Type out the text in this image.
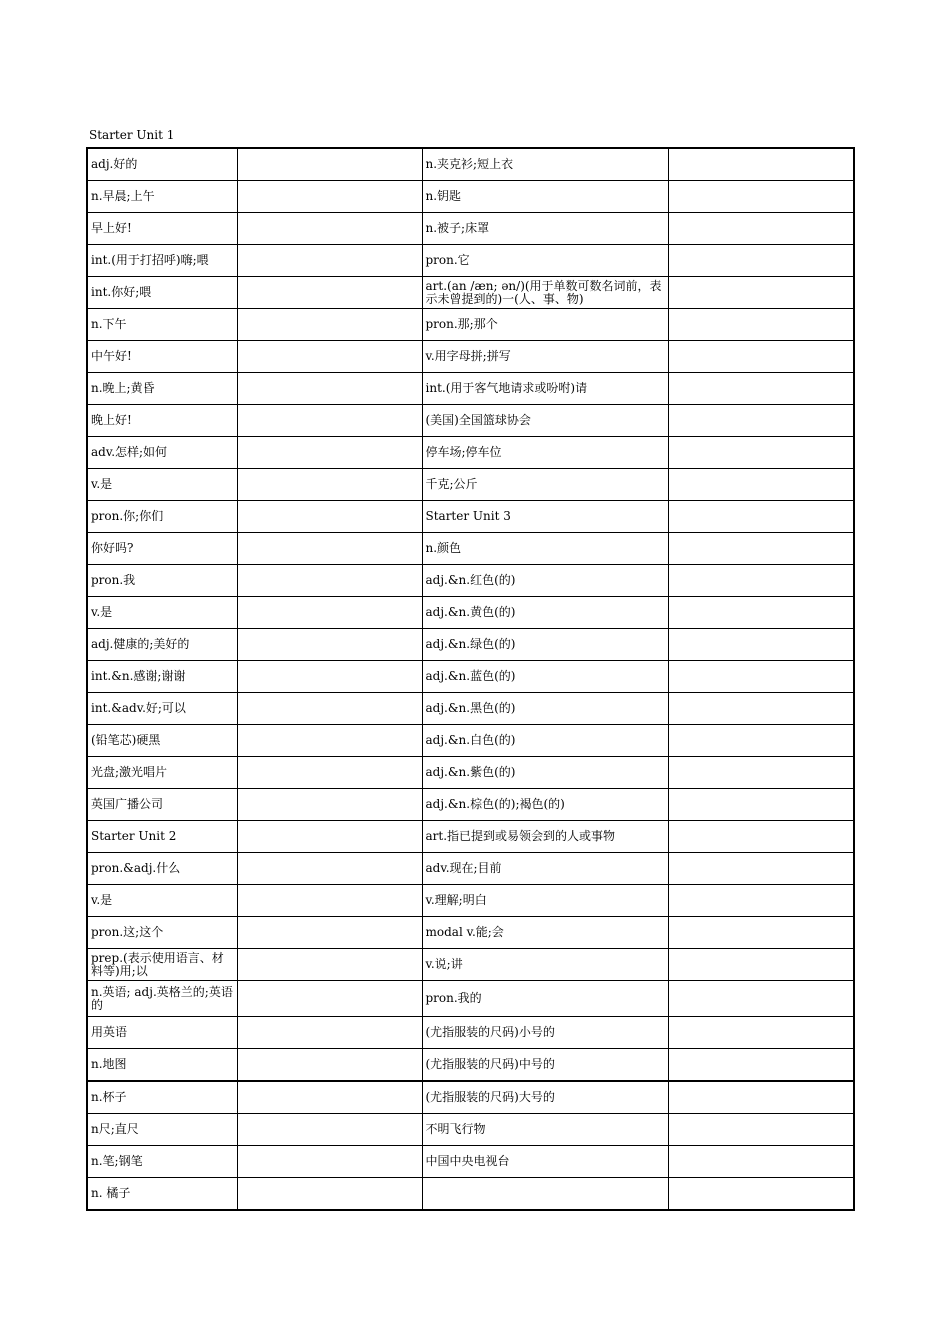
Starter Unit 1
adj.好的		n.夹克衫;短上衣	

n.早晨;上午		n.钥匙	

早上好!		n.被子;床罩	

int.(用于打招呼)嗨;喂		pron.它	

int.你好;喂		art.(an /æn; ən/)(用于单数可数名词前，表示未曾提到的)一(人、事、物)	

n.下午		pron.那;那个	

中午好!		v.用字母拼;拼写	

n.晚上;黄昏		int.(用于客气地请求或吩咐)请	

晚上好!		(美国)全国篮球协会	

adv.怎样;如何		停车场;停车位	

v.是		千克;公斤	

pron.你;你们		Starter Unit 3	

你好吗?		n.颜色	

pron.我		adj.&n.红色(的)	

v.是		adj.&n.黄色(的)	

adj.健康的;美好的		adj.&n.绿色(的)	

int.&n.感谢;谢谢		adj.&n.蓝色(的)	

int.&adv.好;可以		adj.&n.黑色(的)	

(铅笔芯)硬黑		adj.&n.白色(的)	

光盘;激光唱片		adj.&n.紫色(的)	

英国广播公司		adj.&n.棕色(的);褐色(的)	

Starter Unit 2		art.指已提到或易领会到的人或事物	

pron.&adj.什么		adv.现在;目前	

v.是		v.理解;明白	

pron.这;这个		modal v.能;会	

prep.(表示使用语言、材料等)用;以		v.说;讲	

n.英语; adj.英格兰的;英语的		pron.我的	

用英语		(尤指服装的尺码)小号的	

n.地图		(尤指服装的尺码)中号的	

n.杯子		(尤指服装的尺码)大号的	

n尺;直尺		不明飞行物	

n.笔;钢笔		中国中央电视台	

n. 橘子			
